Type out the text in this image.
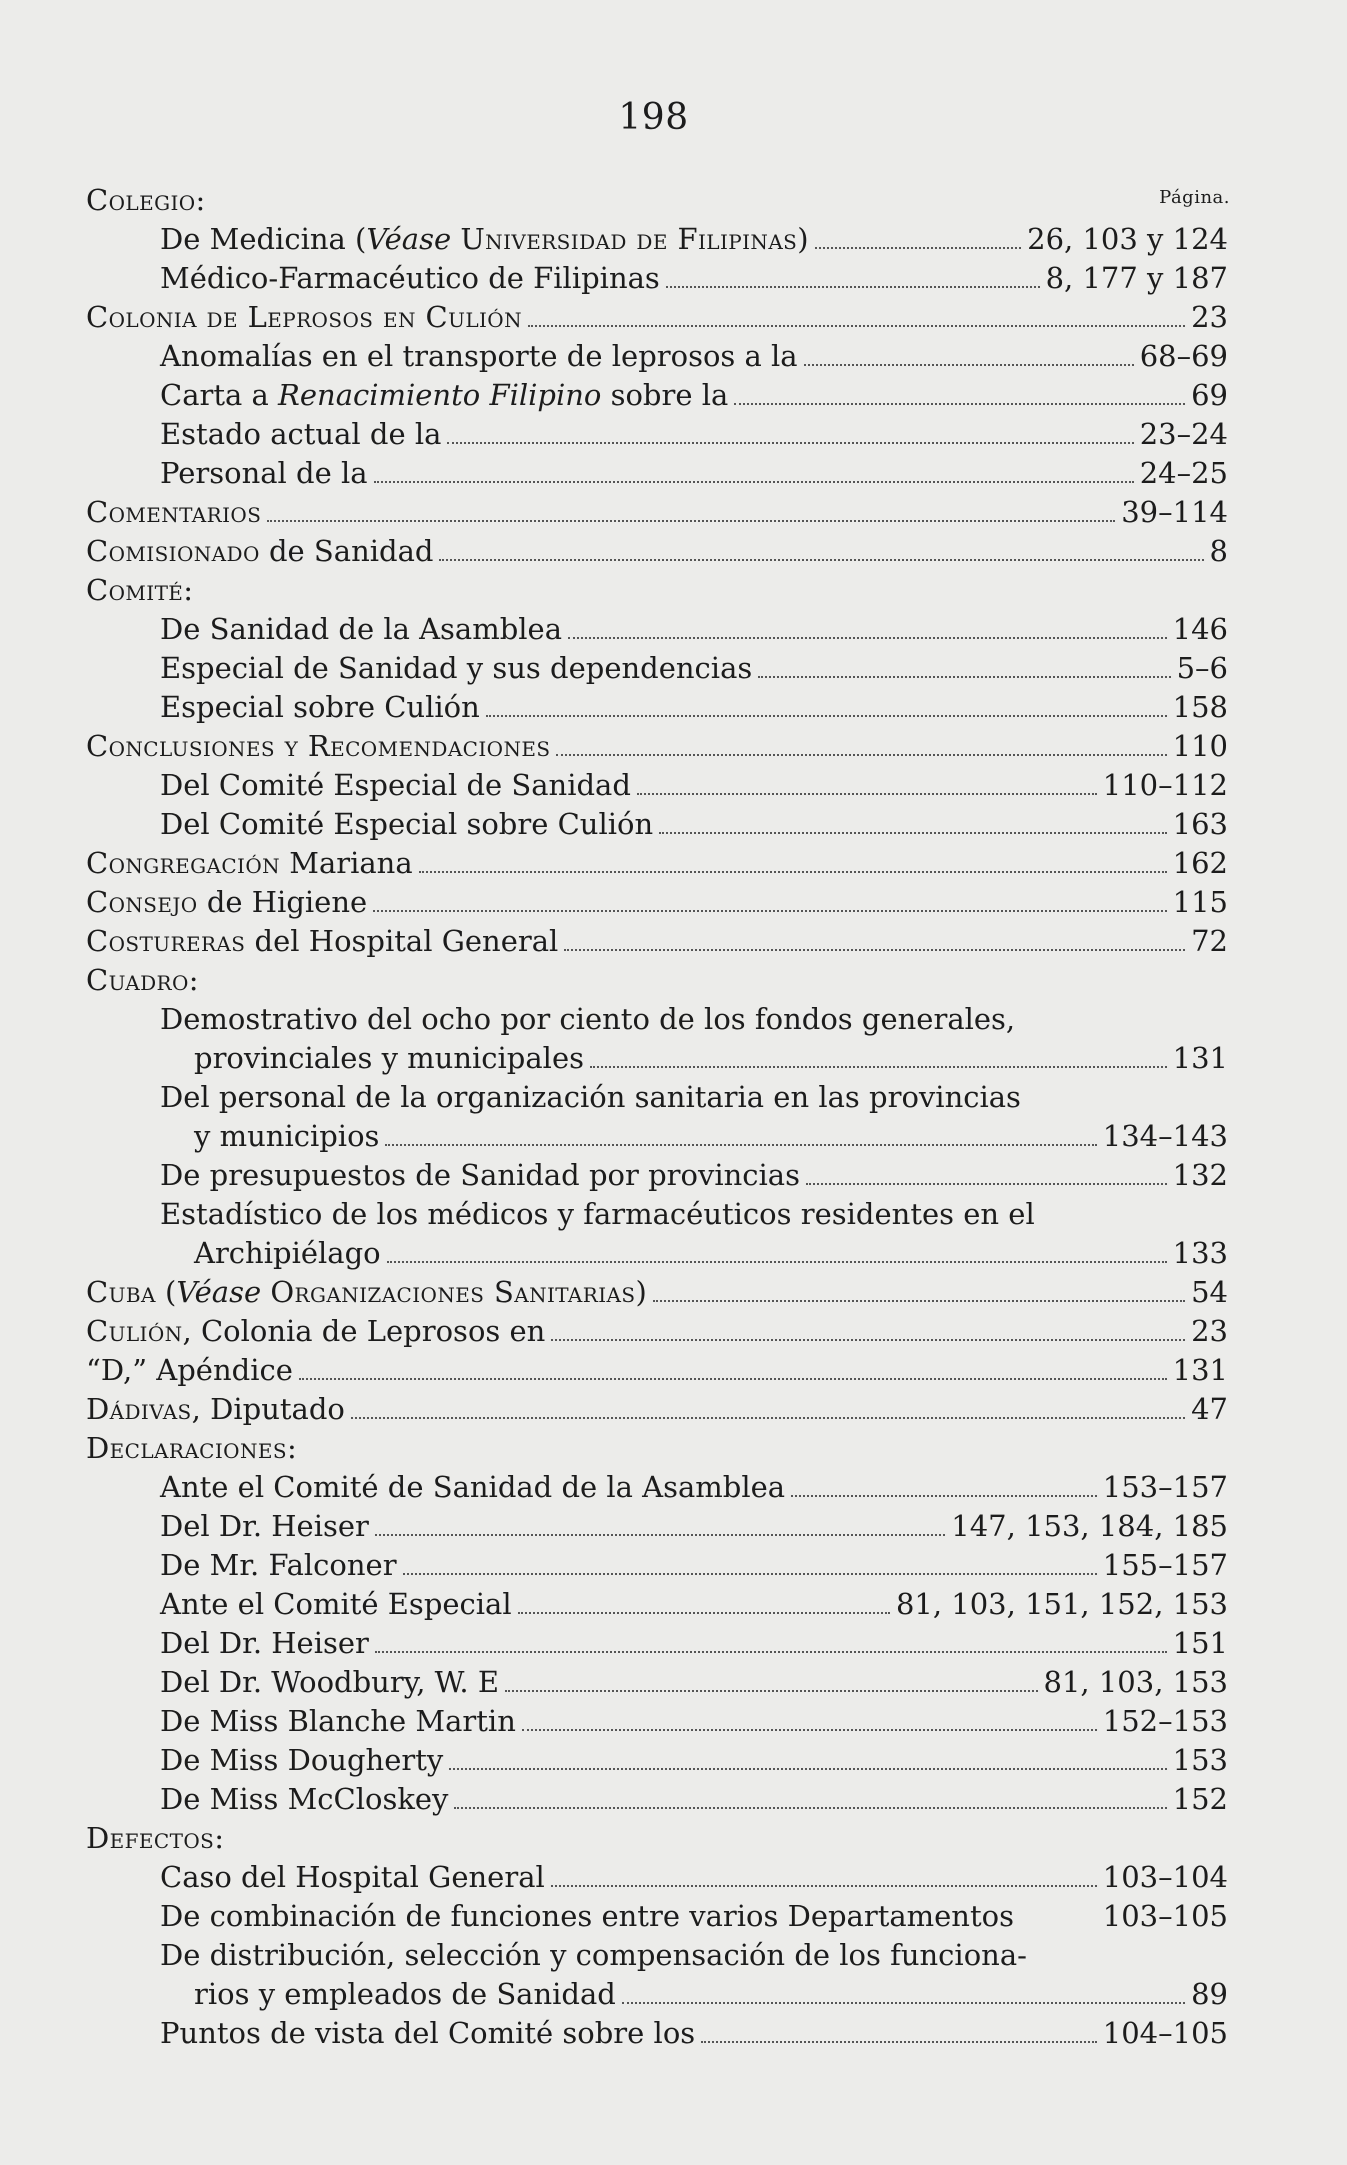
198
Página.
Colegio:
De Medicina (Véase Universidad de Filipinas)	26, 103 y 124
Médico-Farmacéutico de Filipinas	8, 177 y 187
Colonia de Leprosos en Culión	23
Anomalías en el transporte de leprosos a la	68–69
Carta a Renacimiento Filipino sobre la	69
Estado actual de la	23–24
Personal de la	24–25
Comentarios	39–114
Comisionado de Sanidad	8
Comité:
De Sanidad de la Asamblea	146
Especial de Sanidad y sus dependencias	5–6
Especial sobre Culión	158
Conclusiones y Recomendaciones	110
Del Comité Especial de Sanidad	110–112
Del Comité Especial sobre Culión	163
Congregación Mariana	162
Consejo de Higiene	115
Costureras del Hospital General	72
Cuadro:
Demostrativo del ocho por ciento de los fondos generales,
provinciales y municipales	131
Del personal de la organización sanitaria en las provincias
y municipios	134–143
De presupuestos de Sanidad por provincias	132
Estadístico de los médicos y farmacéuticos residentes en el
Archipiélago	133
Cuba (Véase Organizaciones Sanitarias)	54
Culión, Colonia de Leprosos en	23
“D,” Apéndice	131
Dádivas, Diputado	47
Declaraciones:
Ante el Comité de Sanidad de la Asamblea	153–157
Del Dr. Heiser	147, 153, 184, 185
De Mr. Falconer	155–157
Ante el Comité Especial	81, 103, 151, 152, 153
Del Dr. Heiser	151
Del Dr. Woodbury, W. E	81, 103, 153
De Miss Blanche Martin	152–153
De Miss Dougherty	153
De Miss McCloskey	152
Defectos:
Caso del Hospital General	103–104
De combinación de funciones entre varios Departamentos	103–105
De distribución, selección y compensación de los funciona-
rios y empleados de Sanidad	89
Puntos de vista del Comité sobre los	104–105
